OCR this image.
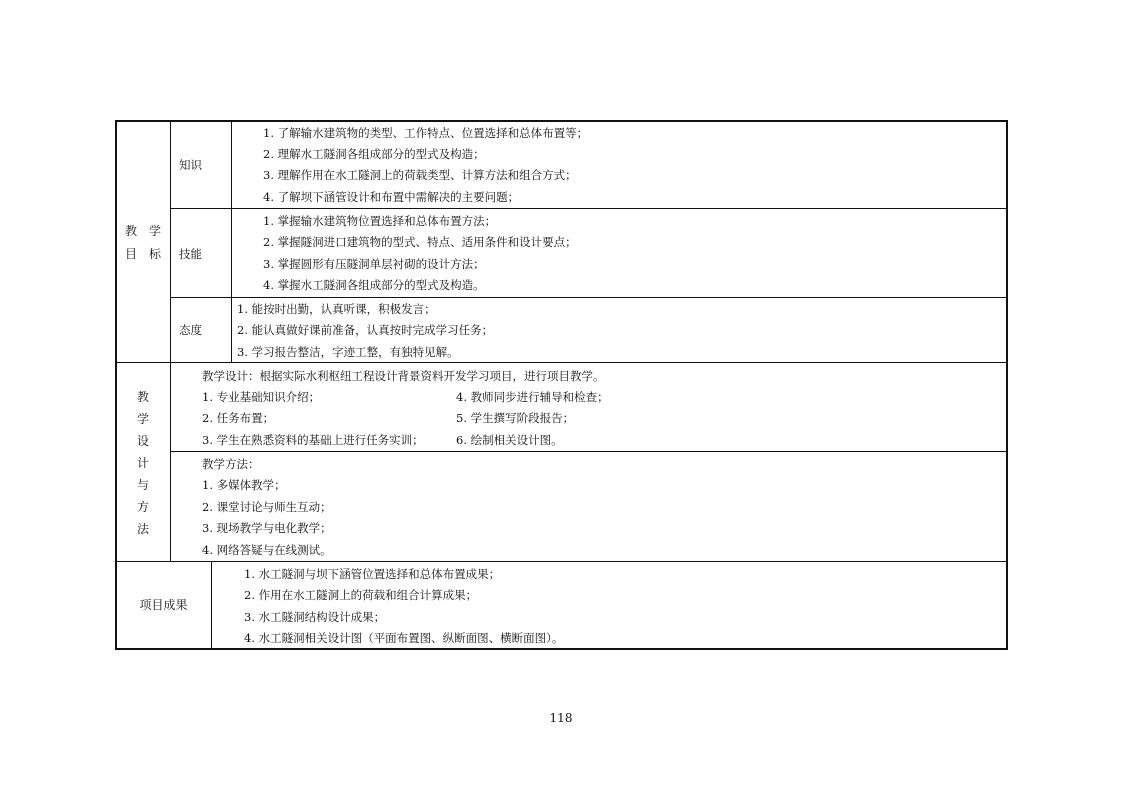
教　学
目　标
知识
1. 了解输水建筑物的类型、工作特点、位置选择和总体布置等；
2. 理解水工隧洞各组成部分的型式及构造；
3. 理解作用在水工隧洞上的荷载类型、计算方法和组合方式；
4. 了解坝下涵管设计和布置中需解决的主要问题；
技能
1. 掌握输水建筑物位置选择和总体布置方法；
2. 掌握隧洞进口建筑物的型式、特点、适用条件和设计要点；
3. 掌握圆形有压隧洞单层衬砌的设计方法；
4. 掌握水工隧洞各组成部分的型式及构造。
态度
1. 能按时出勤，认真听课，积极发言；
2. 能认真做好课前准备，认真按时完成学习任务；
3. 学习报告整洁，字迹工整，有独特见解。
教
学
设
计
与
方
法
教学设计：根据实际水利枢纽工程设计背景资料开发学习项目，进行项目教学。
1. 专业基础知识介绍；
2. 任务布置；
3. 学生在熟悉资料的基础上进行任务实训；
4. 教师同步进行辅导和检查；
5. 学生撰写阶段报告；
6. 绘制相关设计图。
教学方法：
1. 多媒体教学；
2. 课堂讨论与师生互动；
3. 现场教学与电化教学；
4. 网络答疑与在线测试。
项目成果
1. 水工隧洞与坝下涵管位置选择和总体布置成果；
2. 作用在水工隧洞上的荷载和组合计算成果；
3. 水工隧洞结构设计成果；
4. 水工隧洞相关设计图（平面布置图、纵断面图、横断面图）。
118
